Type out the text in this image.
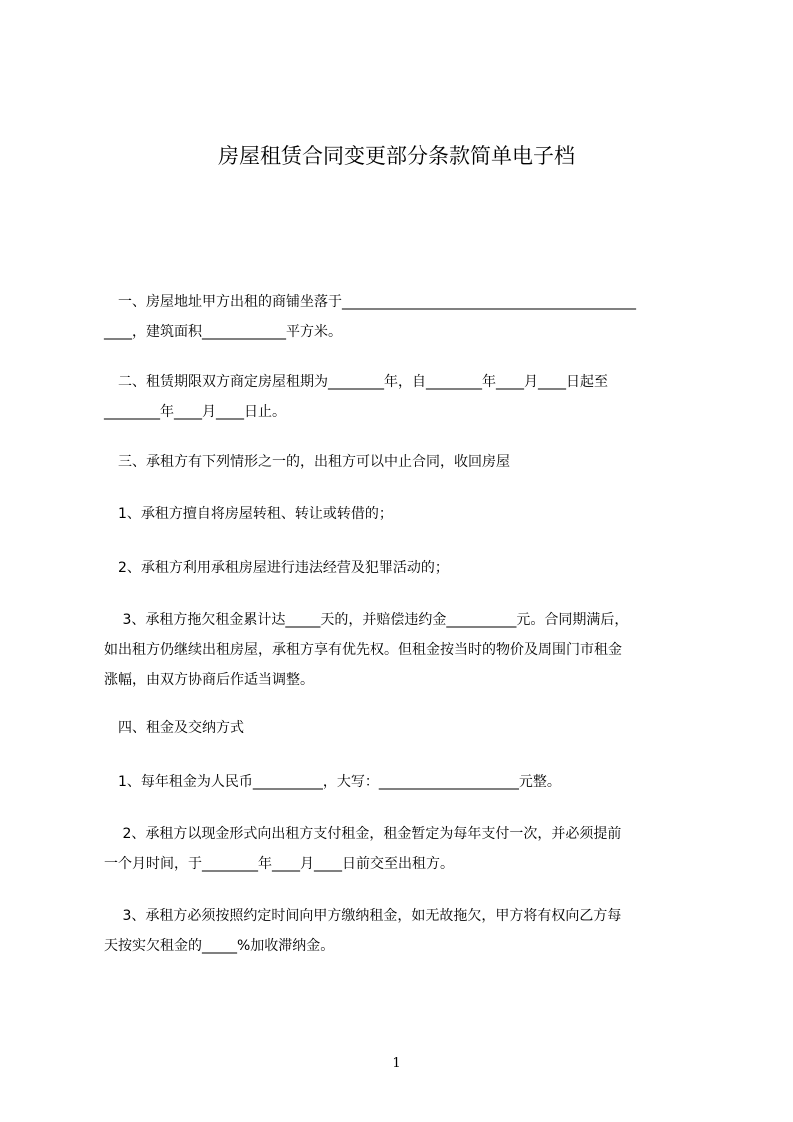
房屋租赁合同变更部分条款简单电子档
　一、房屋地址甲方出租的商铺坐落于__________________________________________
____，建筑面积____________平方米。
　二、租赁期限双方商定房屋租期为________年，自________年____月____日起至
________年____月____日止。
　三、承租方有下列情形之一的，出租方可以中止合同，收回房屋
　1、承租方擅自将房屋转租、转让或转借的；
　2、承租方利用承租房屋进行违法经营及犯罪活动的；
　 3、承租方拖欠租金累计达_____天的，并赔偿违约金__________元。合同期满后，
如出租方仍继续出租房屋，承租方享有优先权。但租金按当时的物价及周围门市租金
涨幅，由双方协商后作适当调整。
　四、租金及交纳方式
　1、每年租金为人民币__________，大写：____________________元整。
　 2、承租方以现金形式向出租方支付租金，租金暂定为每年支付一次，并必须提前
一个月时间，于________年____月____日前交至出租方。
　 3、承租方必须按照约定时间向甲方缴纳租金，如无故拖欠，甲方将有权向乙方每
天按实欠租金的_____%加收滞纳金。
1
